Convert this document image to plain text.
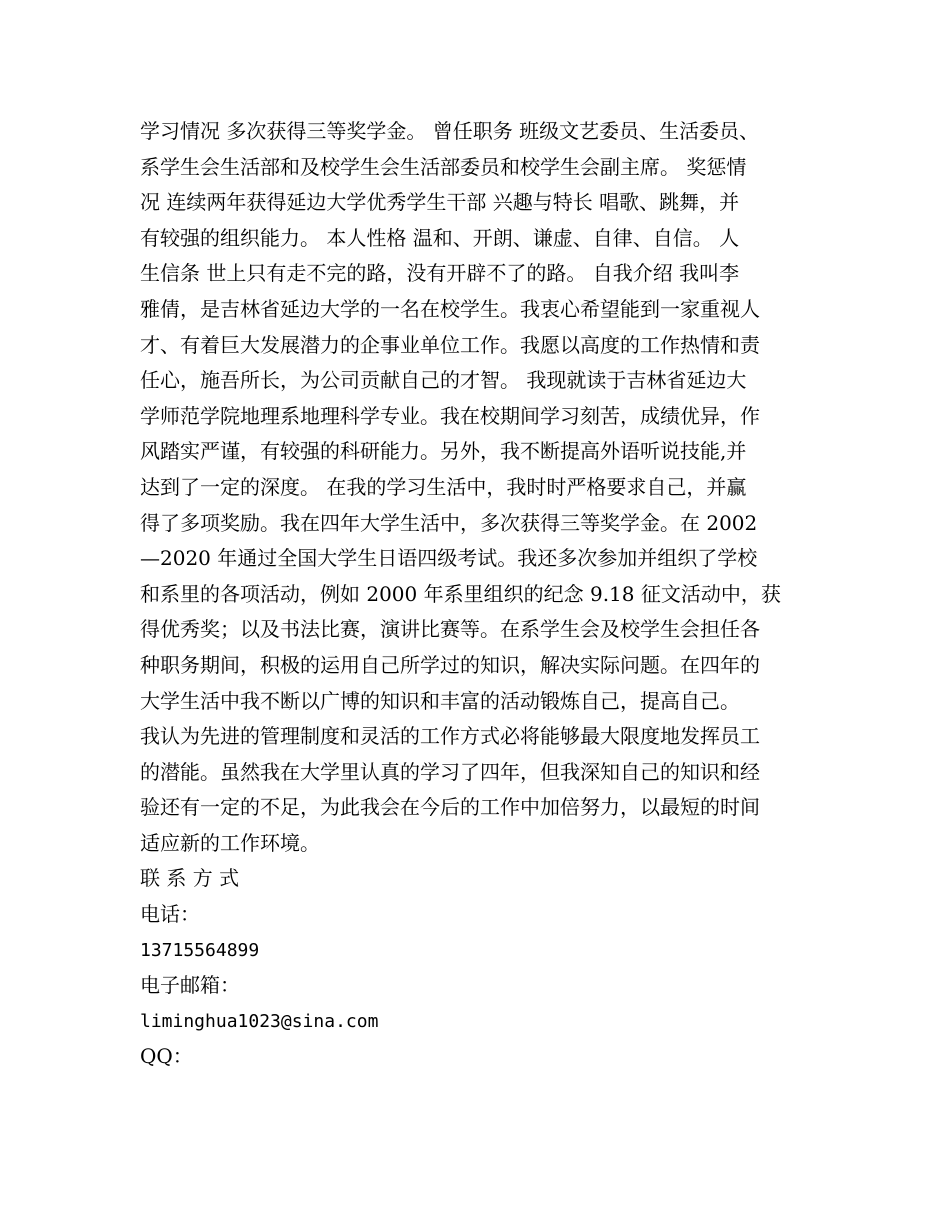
学习情况 多次获得三等奖学金。 曾任职务 班级文艺委员、生活委员、
系学生会生活部和及校学生会生活部委员和校学生会副主席。 奖惩情
况 连续两年获得延边大学优秀学生干部 兴趣与特长 唱歌、跳舞，并
有较强的组织能力。 本人性格 温和、开朗、谦虚、自律、自信。 人
生信条 世上只有走不完的路，没有开辟不了的路。 自我介绍 我叫李
雅倩，是吉林省延边大学的一名在校学生。我衷心希望能到一家重视人
才、有着巨大发展潜力的企事业单位工作。我愿以高度的工作热情和责
任心，施吾所长，为公司贡献自己的才智。 我现就读于吉林省延边大
学师范学院地理系地理科学专业。我在校期间学习刻苦，成绩优异，作
风踏实严谨，有较强的科研能力。另外，我不断提高外语听说技能,并
达到了一定的深度。 在我的学习生活中，我时时严格要求自己，并赢
得了多项奖励。我在四年大学生活中，多次获得三等奖学金。在 2002
—2020 年通过全国大学生日语四级考试。我还多次参加并组织了学校
和系里的各项活动，例如 2000 年系里组织的纪念 9.18 征文活动中，获
得优秀奖；以及书法比赛，演讲比赛等。在系学生会及校学生会担任各
种职务期间，积极的运用自己所学过的知识，解决实际问题。在四年的
大学生活中我不断以广博的知识和丰富的活动锻炼自己，提高自己。
我认为先进的管理制度和灵活的工作方式必将能够最大限度地发挥员工
的潜能。虽然我在大学里认真的学习了四年，但我深知自己的知识和经
验还有一定的不足，为此我会在今后的工作中加倍努力，以最短的时间
适应新的工作环境。
联 系 方 式
电话：
13715564899
电子邮箱：
liminghua1023@sina.com
QQ：
